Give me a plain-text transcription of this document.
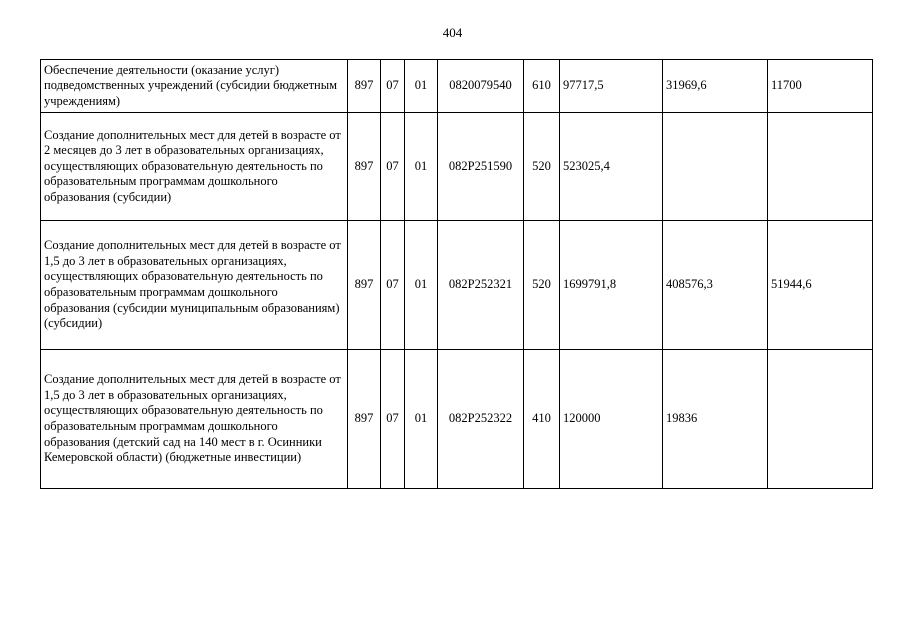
404
Обеспечение деятельности (оказание услуг) подведомственных учреждений (субсидии бюджетным учреждениям)	897	07	01	0820079540	610	97717,5	31969,6	11700
Создание дополнительных мест для детей в возрасте от 2 месяцев до 3 лет в образовательных организациях, осуществляющих образовательную деятельность по образовательным программам дошкольного образования (субсидии)	897	07	01	082P251590	520	523025,4		
Создание дополнительных мест для детей в возрасте от 1,5 до 3 лет в образовательных организациях, осуществляющих образовательную деятельность по образовательным программам дошкольного образования (субсидии муниципальным образованиям) (субсидии)	897	07	01	082P252321	520	1699791,8	408576,3	51944,6
Создание дополнительных мест для детей в возрасте от 1,5 до 3 лет в образовательных организациях, осуществляющих образовательную деятельность по образовательным программам дошкольного образования (детский сад на 140 мест в г. Осинники Кемеровской области) (бюджетные инвестиции)	897	07	01	082P252322	410	120000	19836	
